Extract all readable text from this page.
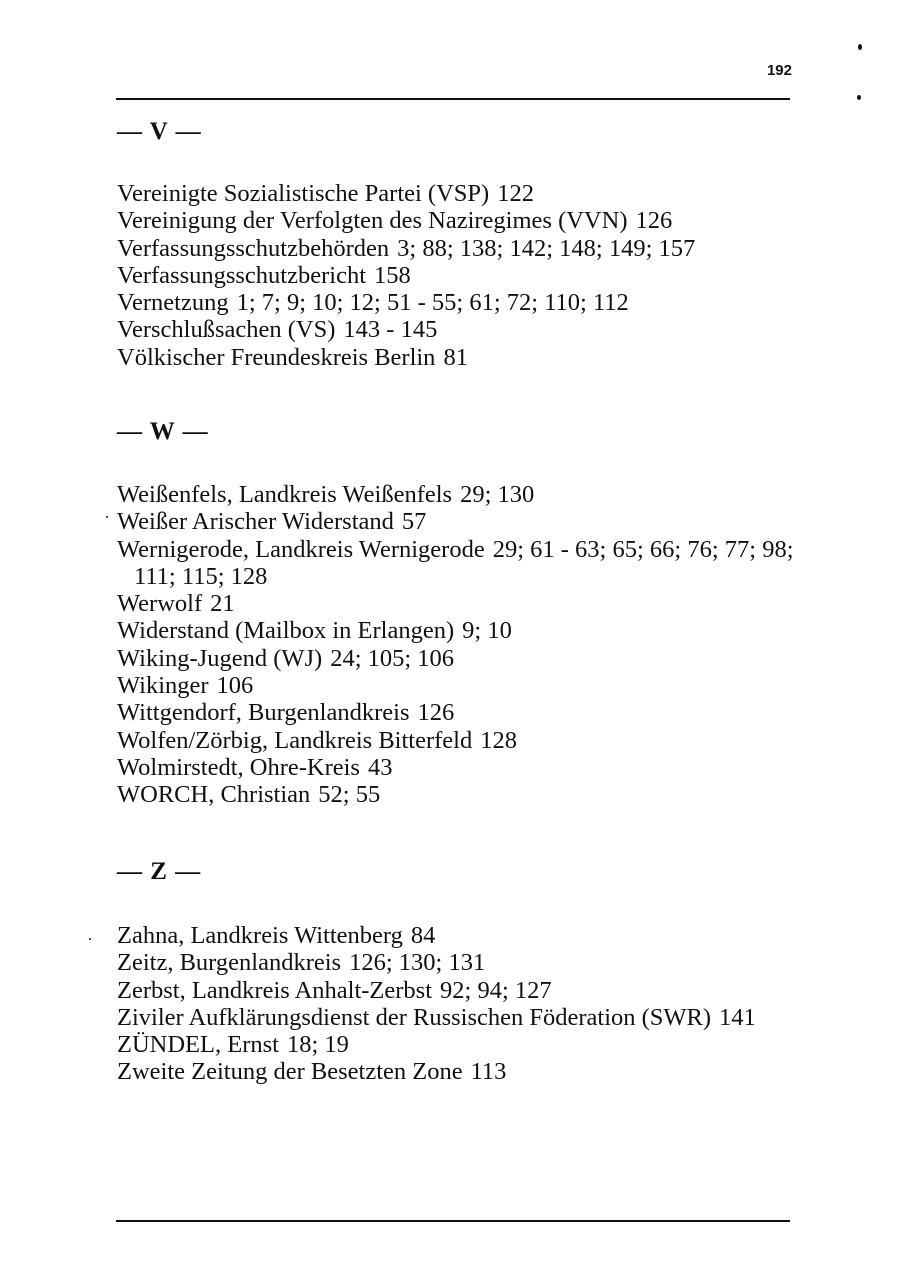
192
— V —
Vereinigte Sozialistische Partei (VSP) 122
Vereinigung der Verfolgten des Naziregimes (VVN) 126
Verfassungsschutzbehörden 3; 88; 138; 142; 148; 149; 157
Verfassungsschutzbericht 158
Vernetzung 1; 7; 9; 10; 12; 51 - 55; 61; 72; 110; 112
Verschlußsachen (VS) 143 - 145
Völkischer Freundeskreis Berlin 81
— W —
Weißenfels, Landkreis Weißenfels 29; 130
Weißer Arischer Widerstand 57
Wernigerode, Landkreis Wernigerode 29; 61 - 63; 65; 66; 76; 77; 98;
111; 115; 128
Werwolf 21
Widerstand (Mailbox in Erlangen) 9; 10
Wiking-Jugend (WJ) 24; 105; 106
Wikinger 106
Wittgendorf, Burgenlandkreis 126
Wolfen/Zörbig, Landkreis Bitterfeld 128
Wolmirstedt, Ohre-Kreis 43
WORCH, Christian 52; 55
— Z —
Zahna, Landkreis Wittenberg 84
Zeitz, Burgenlandkreis 126; 130; 131
Zerbst, Landkreis Anhalt-Zerbst 92; 94; 127
Ziviler Aufklärungsdienst der Russischen Föderation (SWR) 141
ZÜNDEL, Ernst 18; 19
Zweite Zeitung der Besetzten Zone 113
